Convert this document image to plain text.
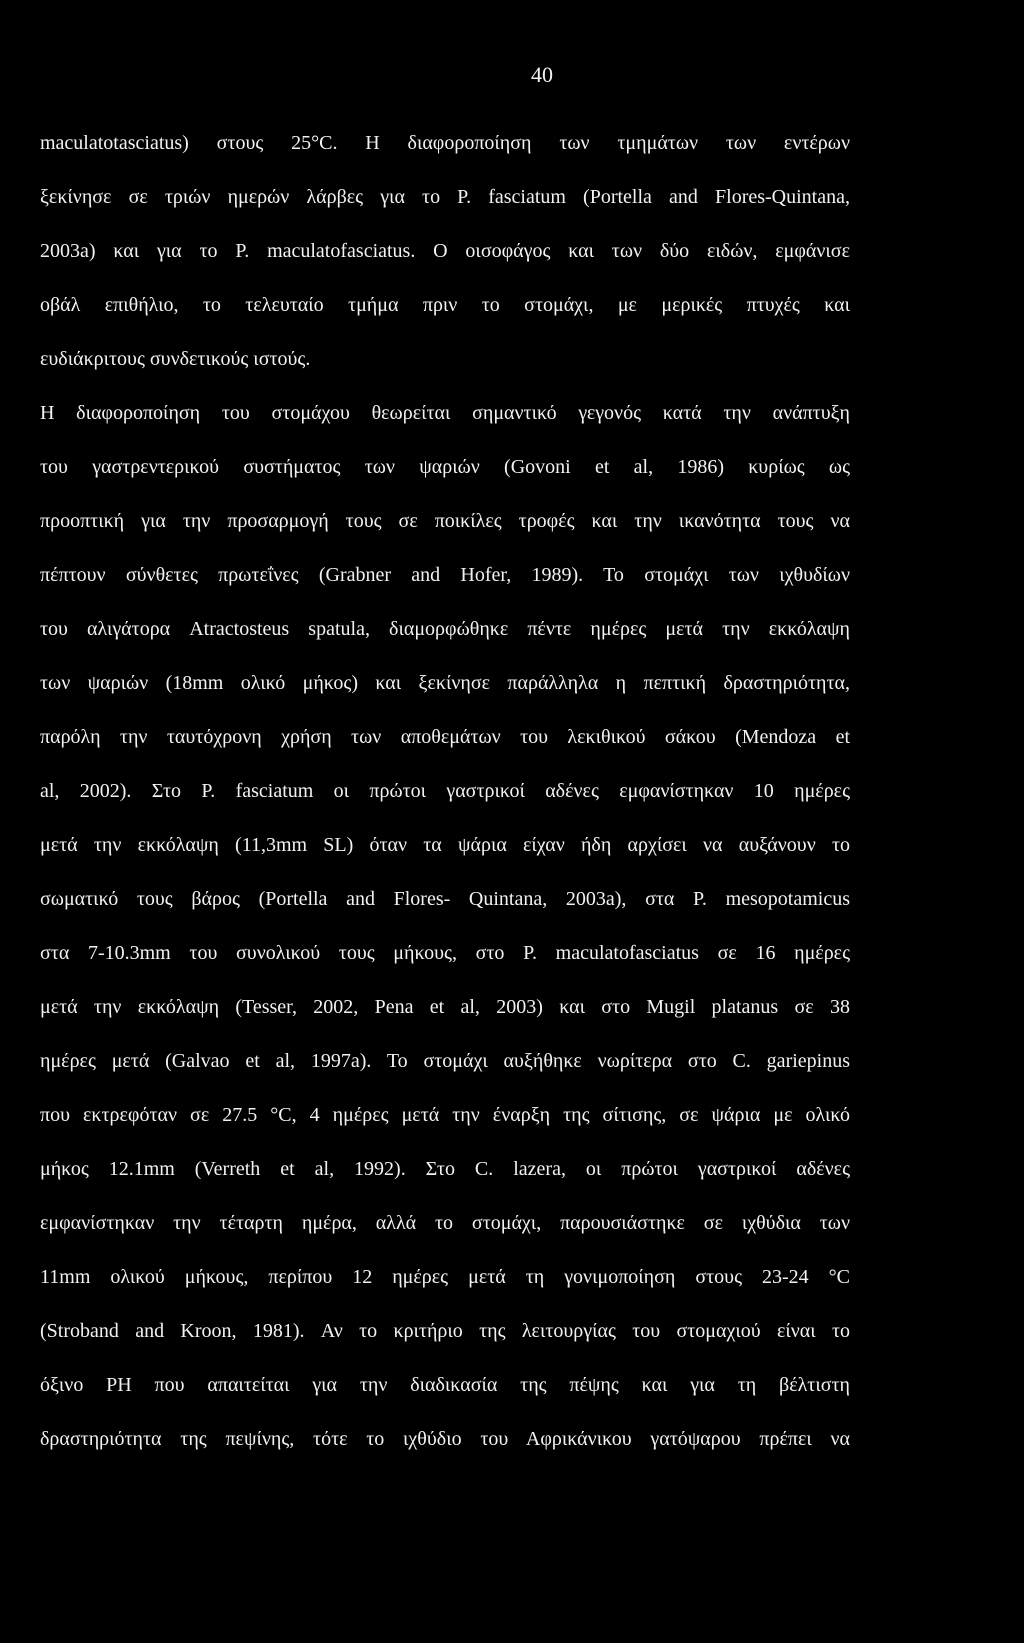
40
maculatotasciatus) στους 25°C. Η διαφοροποίηση των τμημάτων των εντέρων
ξεκίνησε σε τριών ημερών λάρβες για το P. fasciatum (Portella and Flores-Quintana,
2003a) και για το P. maculatofasciatus. Ο οισοφάγος και των δύο ειδών, εμφάνισε
οβάλ επιθήλιο, το τελευταίο τμήμα πριν το στομάχι, με μερικές πτυχές και
ευδιάκριτους συνδετικούς ιστούς.
Η διαφοροποίηση του στομάχου θεωρείται σημαντικό γεγονός κατά την ανάπτυξη
του γαστρεντερικού συστήματος των ψαριών (Govoni et al, 1986) κυρίως ως
προοπτική για την προσαρμογή τους σε ποικίλες τροφές και την ικανότητα τους να
πέπτουν σύνθετες πρωτεΐνες (Grabner and Hofer, 1989). Το στομάχι των ιχθυδίων
του αλιγάτορα Atractosteus spatula, διαμορφώθηκε πέντε ημέρες μετά την εκκόλαψη
των ψαριών (18mm ολικό μήκος) και ξεκίνησε παράλληλα η πεπτική δραστηριότητα,
παρόλη την ταυτόχρονη χρήση των αποθεμάτων του λεκιθικού σάκου (Mendoza et
al, 2002). Στο P. fasciatum οι πρώτοι γαστρικοί αδένες εμφανίστηκαν 10 ημέρες
μετά την εκκόλαψη (11,3mm SL) όταν τα ψάρια είχαν ήδη αρχίσει να αυξάνουν το
σωματικό τους βάρος (Portella and Flores- Quintana, 2003a), στα P. mesopotamicus
στα 7-10.3mm του συνολικού τους μήκους, στο P. maculatofasciatus σε 16 ημέρες
μετά την εκκόλαψη (Tesser, 2002, Pena et al, 2003) και στο Mugil platanus σε 38
ημέρες μετά (Galvao et al, 1997a). Το στομάχι αυξήθηκε νωρίτερα στο C. gariepinus
που εκτρεφόταν σε 27.5 °C, 4 ημέρες μετά την έναρξη της σίτισης, σε ψάρια με ολικό
μήκος 12.1mm (Verreth et al, 1992). Στο C. lazera, οι πρώτοι γαστρικοί αδένες
εμφανίστηκαν την τέταρτη ημέρα, αλλά το στομάχι, παρουσιάστηκε σε ιχθύδια των
11mm ολικού μήκους, περίπου 12 ημέρες μετά τη γονιμοποίηση στους 23-24 °C
(Stroband and Kroon, 1981). Αν το κριτήριο της λειτουργίας του στομαχιού είναι το
όξινο PH που απαιτείται για την διαδικασία της πέψης και για τη βέλτιστη
δραστηριότητα της πεψίνης, τότε το ιχθύδιο του Αφρικάνικου γατόψαρου πρέπει να
